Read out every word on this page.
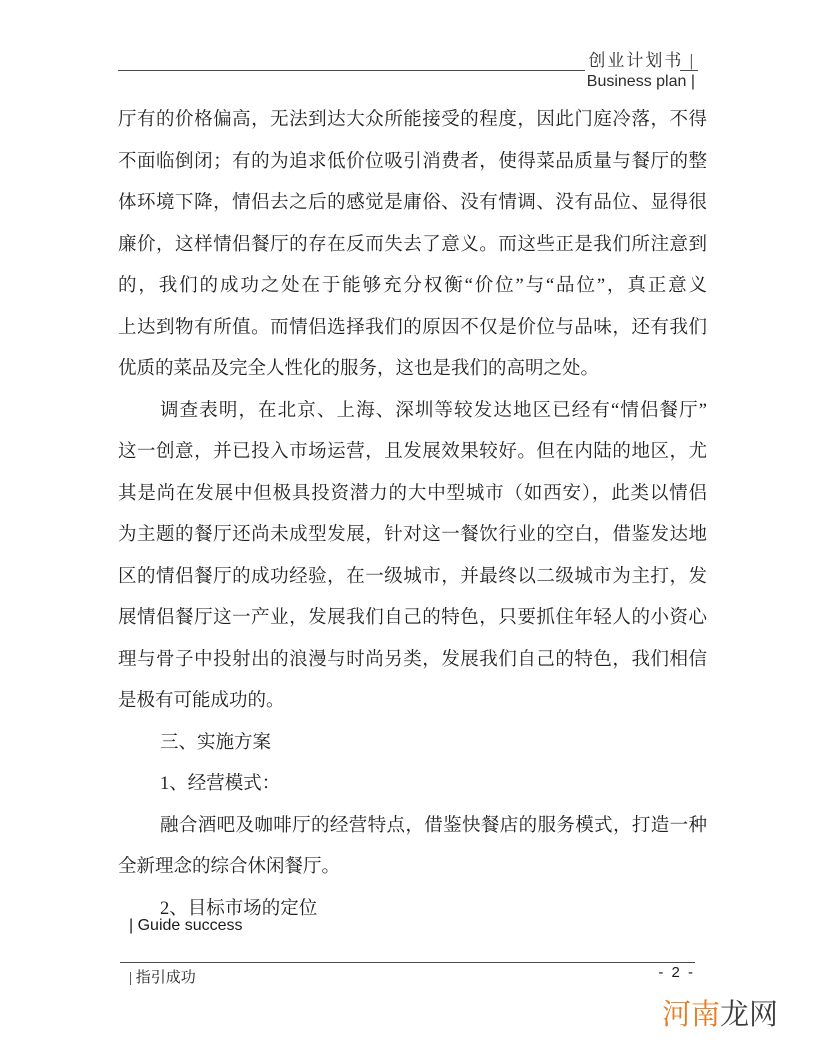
创业计划书 |
Business plan |
厅有的价格偏高，无法到达大众所能接受的程度，因此门庭冷落，不得
不面临倒闭；有的为追求低价位吸引消费者，使得菜品质量与餐厅的整
体环境下降，情侣去之后的感觉是庸俗、没有情调、没有品位、显得很
廉价，这样情侣餐厅的存在反而失去了意义。而这些正是我们所注意到
的，我们的成功之处在于能够充分权衡“价位”与“品位”，真正意义
上达到物有所值。而情侣选择我们的原因不仅是价位与品味，还有我们
优质的菜品及完全人性化的服务，这也是我们的高明之处。
调查表明，在北京、上海、深圳等较发达地区已经有“情侣餐厅”
这一创意，并已投入市场运营，且发展效果较好。但在内陆的地区，尤
其是尚在发展中但极具投资潜力的大中型城市（如西安），此类以情侣
为主题的餐厅还尚未成型发展，针对这一餐饮行业的空白，借鉴发达地
区的情侣餐厅的成功经验，在一级城市，并最终以二级城市为主打，发
展情侣餐厅这一产业，发展我们自己的特色，只要抓住年轻人的小资心
理与骨子中投射出的浪漫与时尚另类，发展我们自己的特色，我们相信
是极有可能成功的。
三、实施方案
1、经营模式：
融合酒吧及咖啡厅的经营特点，借鉴快餐店的服务模式，打造一种
全新理念的综合休闲餐厅。
2、目标市场的定位
| Guide success
| 指引成功	- 2 -
河南龙网
